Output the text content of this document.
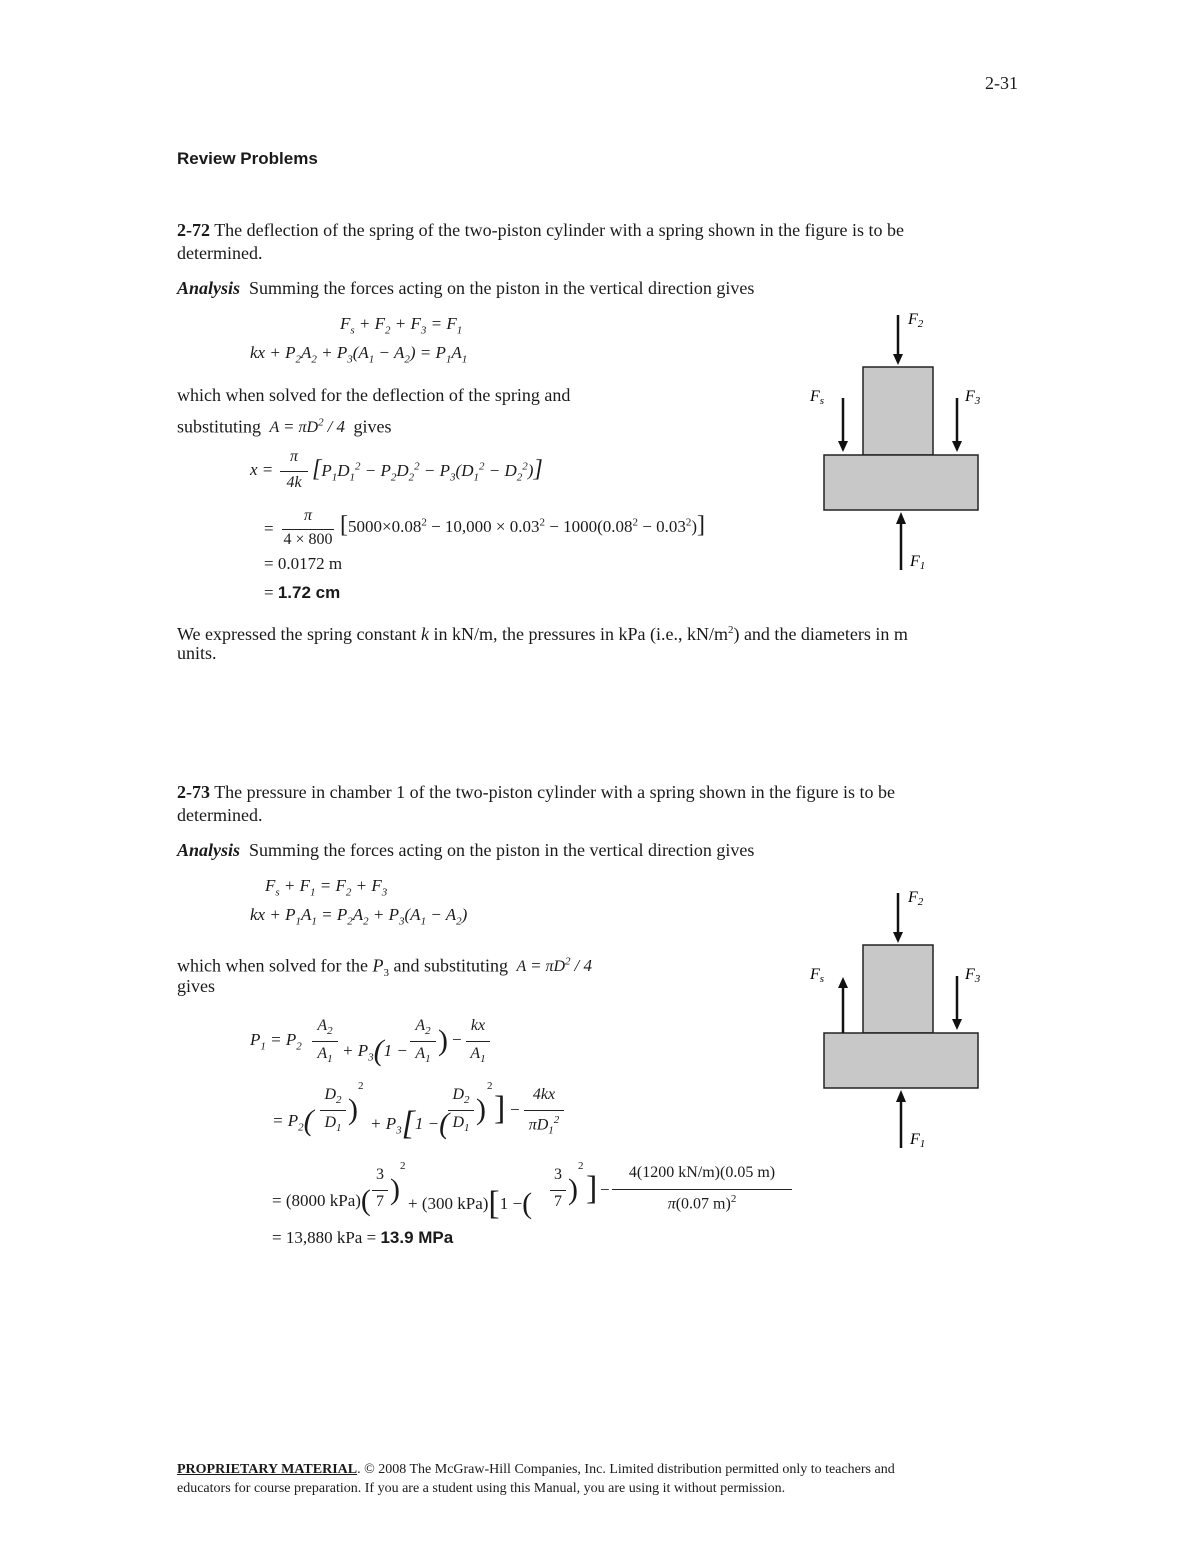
2-31
Review Problems
2-72 The deflection of the spring of the two-piston cylinder with a spring shown in the figure is to be
determined.
Analysis Summing the forces acting on the piston in the vertical direction gives
$F_s + F_2 + F_3 = F_1$
kx + $P_2A_2 + P_3(A_1 - A_2) = P_1A_1$
which when solved for the deflection of the spring and
substituting $A = \pi D^2 / 4$ gives
x =
π
4k
$[P_1D_1^2 - P_2D_2^2 - P_3(D_1^2 - D_2^2)]$
=
π
4 × 800
$[5000\times 0.08^2 - 10,000 \times 0.03^2 - 1000(0.08^2 - 0.03^2)]$
= 0.0172 m
= 1.72 cm
We expressed the spring constant k in kN/m, the pressures in kPa (i.e., $kN/m^2$) and the diameters in m
units.
F2
Fs	F3
F1
2-73 The pressure in chamber 1 of the two-piston cylinder with a spring shown in the figure is to be
determined.
Analysis Summing the forces acting on the piston in the vertical direction gives
$F_s + F_1 = F_2 + F_3$
kx + $P_1A_1 = P_2A_2 + P_3(A_1 - A_2)$
which when solved for the $P_3$ and substituting $A = \pi D^2 / 4$
gives
$P_1 = P_2$
$A_2$
$A_1 + P_3(1$ −
$A_2$
$A_1$
) −
kx
$A_1$
= $P_2$(
$D_2$
$D_1$
)
2
+ $P_3[1$ −(
$D_2$
$D_1$
)
2
] −
4kx
$\pi D_1^2$
= (8000 kPa)(
3
7 )
2
+ (300 kPa)[1 −(
3
7 )
2
] −
4(1200 kN/m)(0.05 m)
π(0.07 m)$^2$
= 13,880 kPa = 13.9 MPa
F2
Fs	F3
F1
PROPRIETARY MATERIAL. © 2008 The McGraw-Hill Companies, Inc. Limited distribution permitted only to teachers and
educators for course preparation. If you are a student using this Manual, you are using it without permission.
